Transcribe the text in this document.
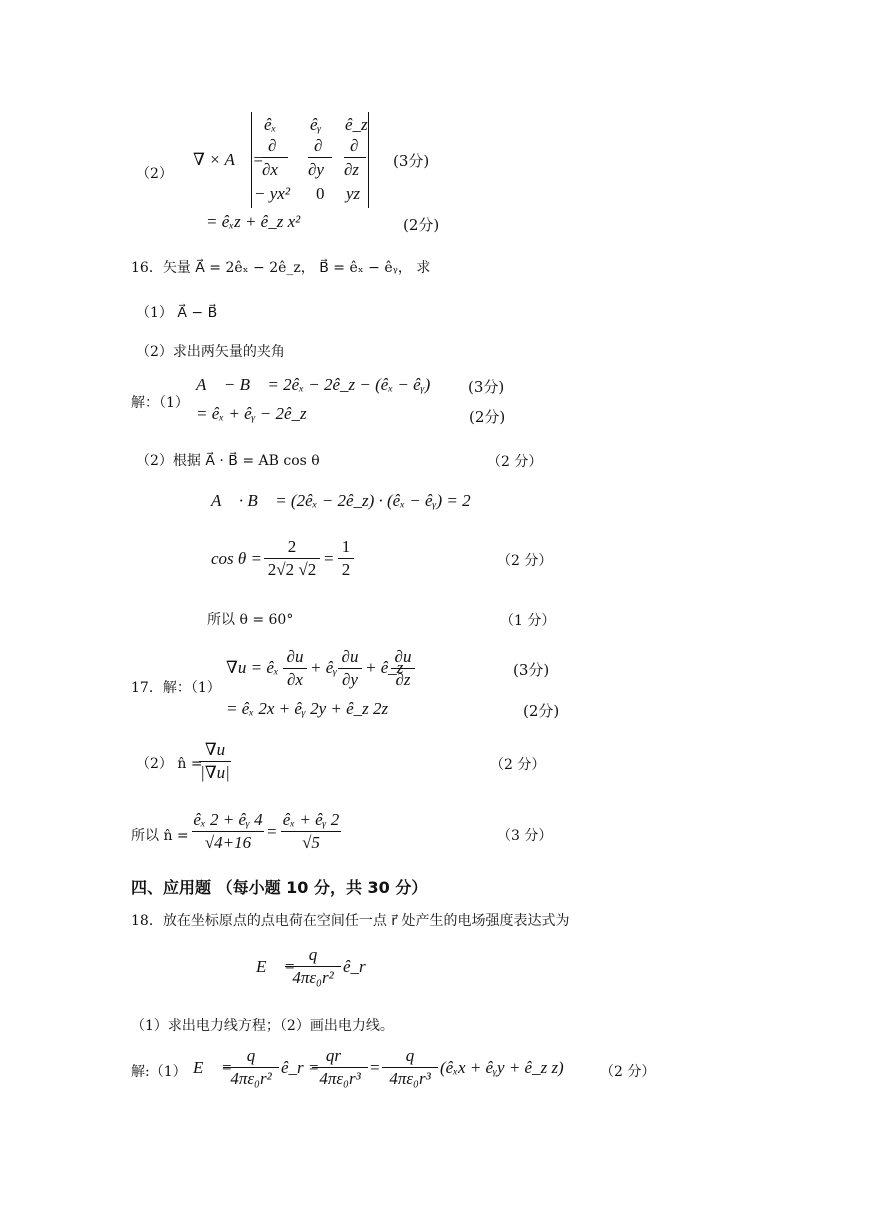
（2）
∇ × A⃗ =
êₓ êᵧ ê_z
∂ ∂ ∂
∂x ∂y ∂z
− yx² 0 yz
(3分)
= êₓz + ê_z x²	(2分)
16．矢量 A⃗ = 2êₓ − 2ê_z， B⃗ = êₓ − êᵧ， 求
（1） A⃗ − B⃗
（2）求出两矢量的夹角
解：（1）
A⃗ − B⃗ = 2êₓ − 2ê_z − (êₓ − êᵧ)	(3分)
= êₓ + êᵧ − 2ê_z	(2分)
（2）根据 A⃗ · B⃗ = AB cos θ	（2 分）
A⃗ · B⃗ = (2êₓ − 2ê_z) · (êₓ − êᵧ) = 2
cos θ =
2
2√2 √2
=
1
2	（2 分）
所以 θ = 60°	（1 分）
17．解：（1）
∇u = êₓ
∂u
∂x
+ êᵧ
∂u
∂y
+ ê_z
∂u
∂z	(3分)
= êₓ 2x + êᵧ 2y + ê_z 2z	(2分)
（2） n̂ =
∇u
|∇u|	（2 分）
所以 n̂ =
êₓ 2 + êᵧ 4
√4+16
=
êₓ + êᵧ 2
√5	（3 分）
四、应用题 （每小题 10 分，共 30 分）
18．放在坐标原点的点电荷在空间任一点 r⃗ 处产生的电场强度表达式为
E⃗ =
q
4πε₀r²
ê_r
（1）求出电力线方程；（2）画出电力线。
解:（1） E⃗ =
q
4πε₀r²
ê_r =
qr⃗
4πε₀r³
=
q
4πε₀r³
(êₓx + êᵧy + ê_z z)	（2 分）
